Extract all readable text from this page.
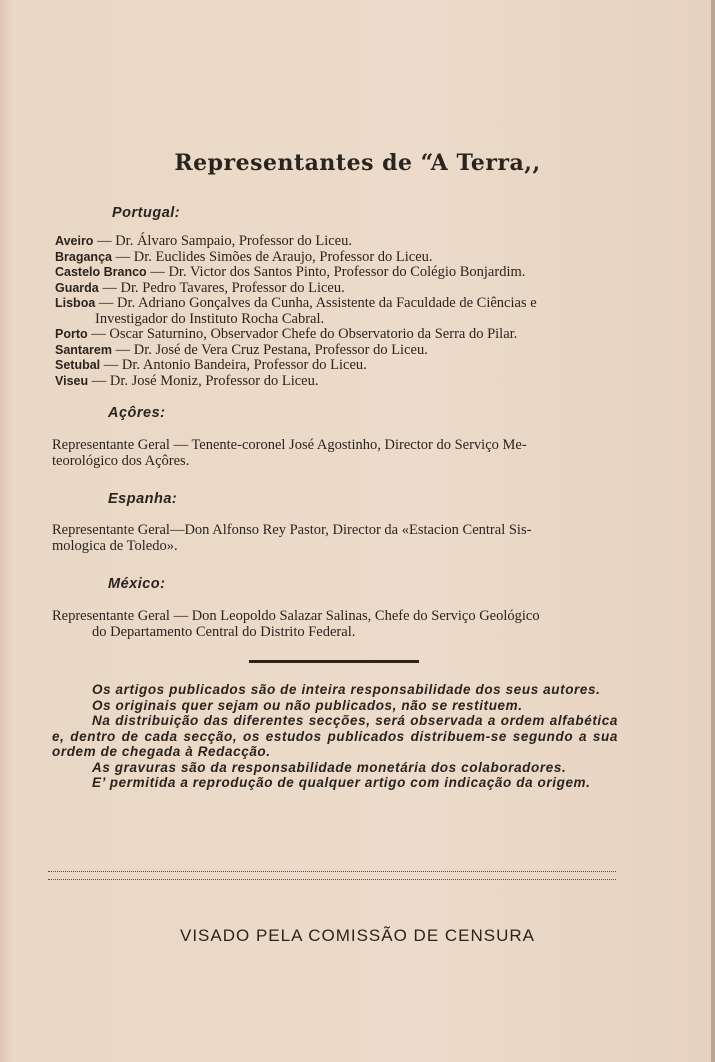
Representantes de “A Terra,,
Portugal:
Aveiro — Dr. Álvaro Sampaio, Professor do Liceu.
Bragança — Dr. Euclides Simões de Araujo, Professor do Liceu.
Castelo Branco — Dr. Victor dos Santos Pinto, Professor do Colégio Bonjardim.
Guarda — Dr. Pedro Tavares, Professor do Liceu.
Lisboa — Dr. Adriano Gonçalves da Cunha, Assistente da Faculdade de Ciências e
Investigador do Instituto Rocha Cabral.
Porto — Oscar Saturnino, Observador Chefe do Observatorio da Serra do Pilar.
Santarem — Dr. José de Vera Cruz Pestana, Professor do Liceu.
Setubal — Dr. Antonio Bandeira, Professor do Liceu.
Viseu — Dr. José Moniz, Professor do Liceu.
Açôres:
Representante Geral — Tenente-coronel José Agostinho, Director do Serviço Me-
teorológico dos Açôres.
Espanha:
Representante Geral—Don Alfonso Rey Pastor, Director da «Estacion Central Sis-
mologica de Toledo».
México:
Representante Geral — Don Leopoldo Salazar Salinas, Chefe do Serviço Geológico

do Departamento Central do Distrito Federal.

Os artigos publicados são de inteira responsabilidade dos seus autores.

Os originais quer sejam ou não publicados, não se restituem.

Na distribuição das diferentes secções, será observada a ordem alfabética e, dentro de cada secção, os estudos publicados distribuem-se segundo a sua ordem de chegada à Redacção.

As gravuras são da responsabilidade monetária dos colaboradores.

E’ permitida a reprodução de qualquer artigo com indicação da origem.

VISADO PELA COMISSÃO DE CENSURA
